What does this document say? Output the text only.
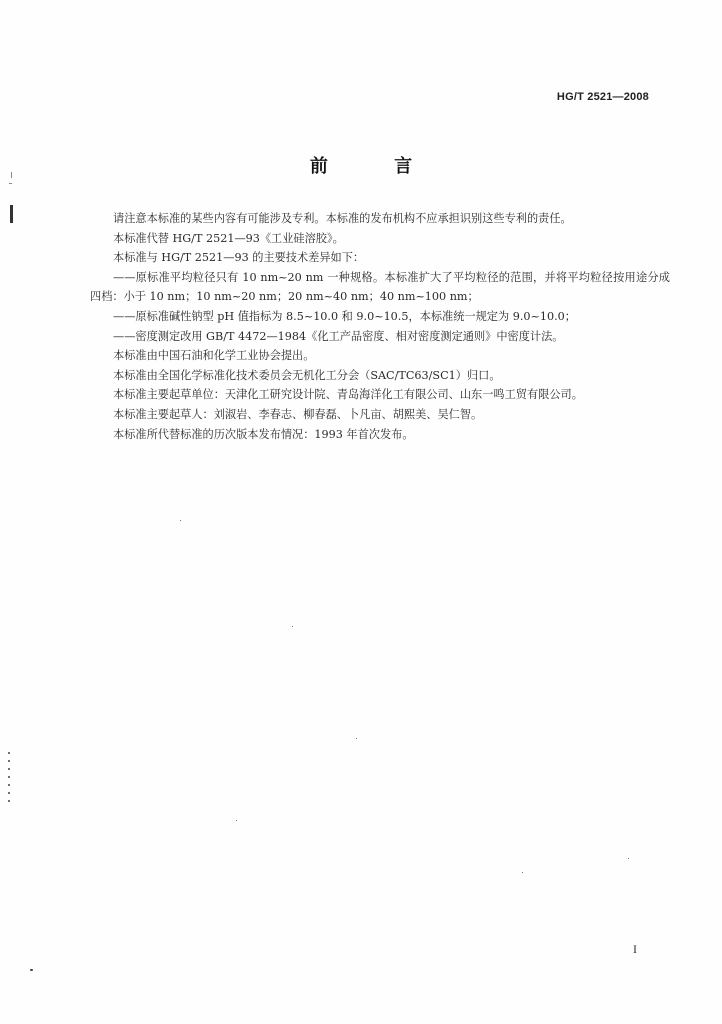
HG/T 2521—2008
前 言

请注意本标准的某些内容有可能涉及专利。本标准的发布机构不应承担识别这些专利的责任。

本标准代替 HG/T 2521—93《工业硅溶胶》。

本标准与 HG/T 2521—93 的主要技术差异如下：

——原标准平均粒径只有 10 nm~20 nm 一种规格。本标准扩大了平均粒径的范围，并将平均粒径按用途分成四档：小于 10 nm；10 nm~20 nm；20 nm~40 nm；40 nm~100 nm；

——原标准碱性钠型 pH 值指标为 8.5~10.0 和 9.0~10.5，本标准统一规定为 9.0~10.0；

——密度测定改用 GB/T 4472—1984《化工产品密度、相对密度测定通则》中密度计法。

本标准由中国石油和化学工业协会提出。

本标准由全国化学标准化技术委员会无机化工分会（SAC/TC63/SC1）归口。

本标准主要起草单位：天津化工研究设计院、青岛海洋化工有限公司、山东一鸣工贸有限公司。

本标准主要起草人：刘淑岩、李春志、柳春磊、卜凡亩、胡熙美、吴仁智。

本标准所代替标准的历次版本发布情况：1993 年首次发布。

I
